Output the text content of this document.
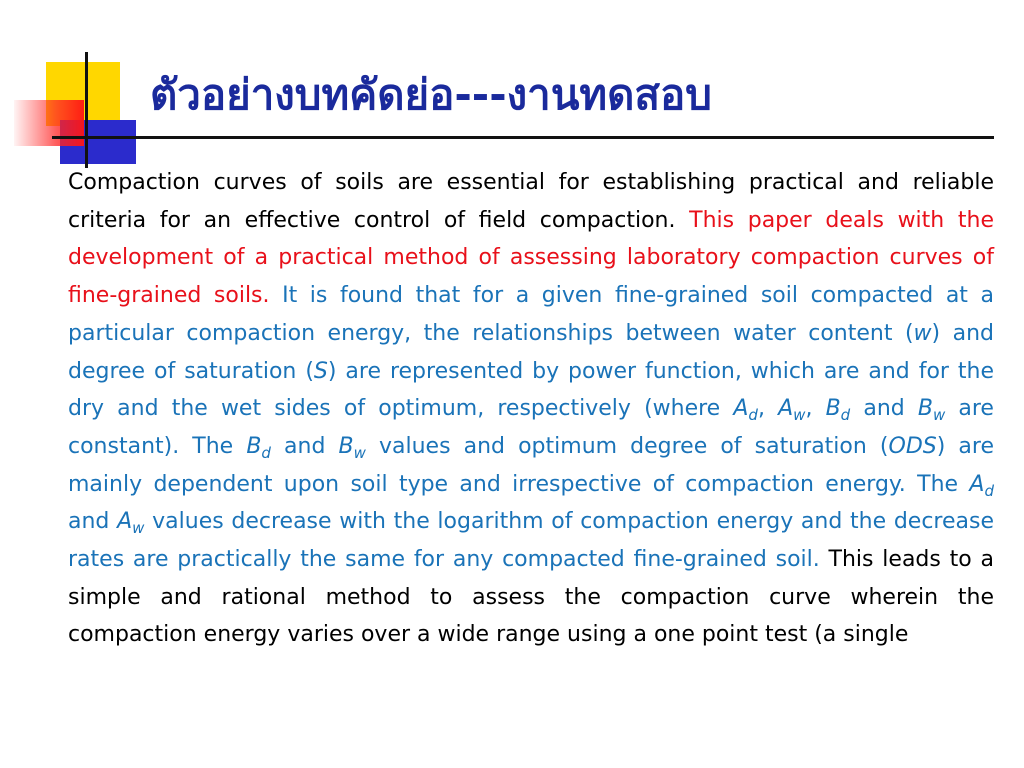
ตัวอย่างบทคัดย่อ---งานทดสอบ

Compaction curves of soils are essential for establishing practical and reliable criteria for an effective control of field compaction. This paper deals with the development of a practical method of assessing laboratory compaction curves of fine-grained soils. It is found that for a given fine-grained soil compacted at a particular compaction energy, the relationships between water content (w) and degree of saturation (S) are represented by power function, which are and for the dry and the wet sides of optimum, respectively (where $A_d$, $A_w$, $B_d$ and $B_w$ are constant). The $B_d$ and $B_w$ values and optimum degree of saturation (ODS) are mainly dependent upon soil type and irrespective of compaction energy. The $A_d$ and $A_w$ values decrease with the logarithm of compaction energy and the decrease rates are practically the same for any compacted fine-grained soil. This leads to a simple and rational method to assess the compaction curve wherein the compaction energy varies over a wide range using a one point test (a single
